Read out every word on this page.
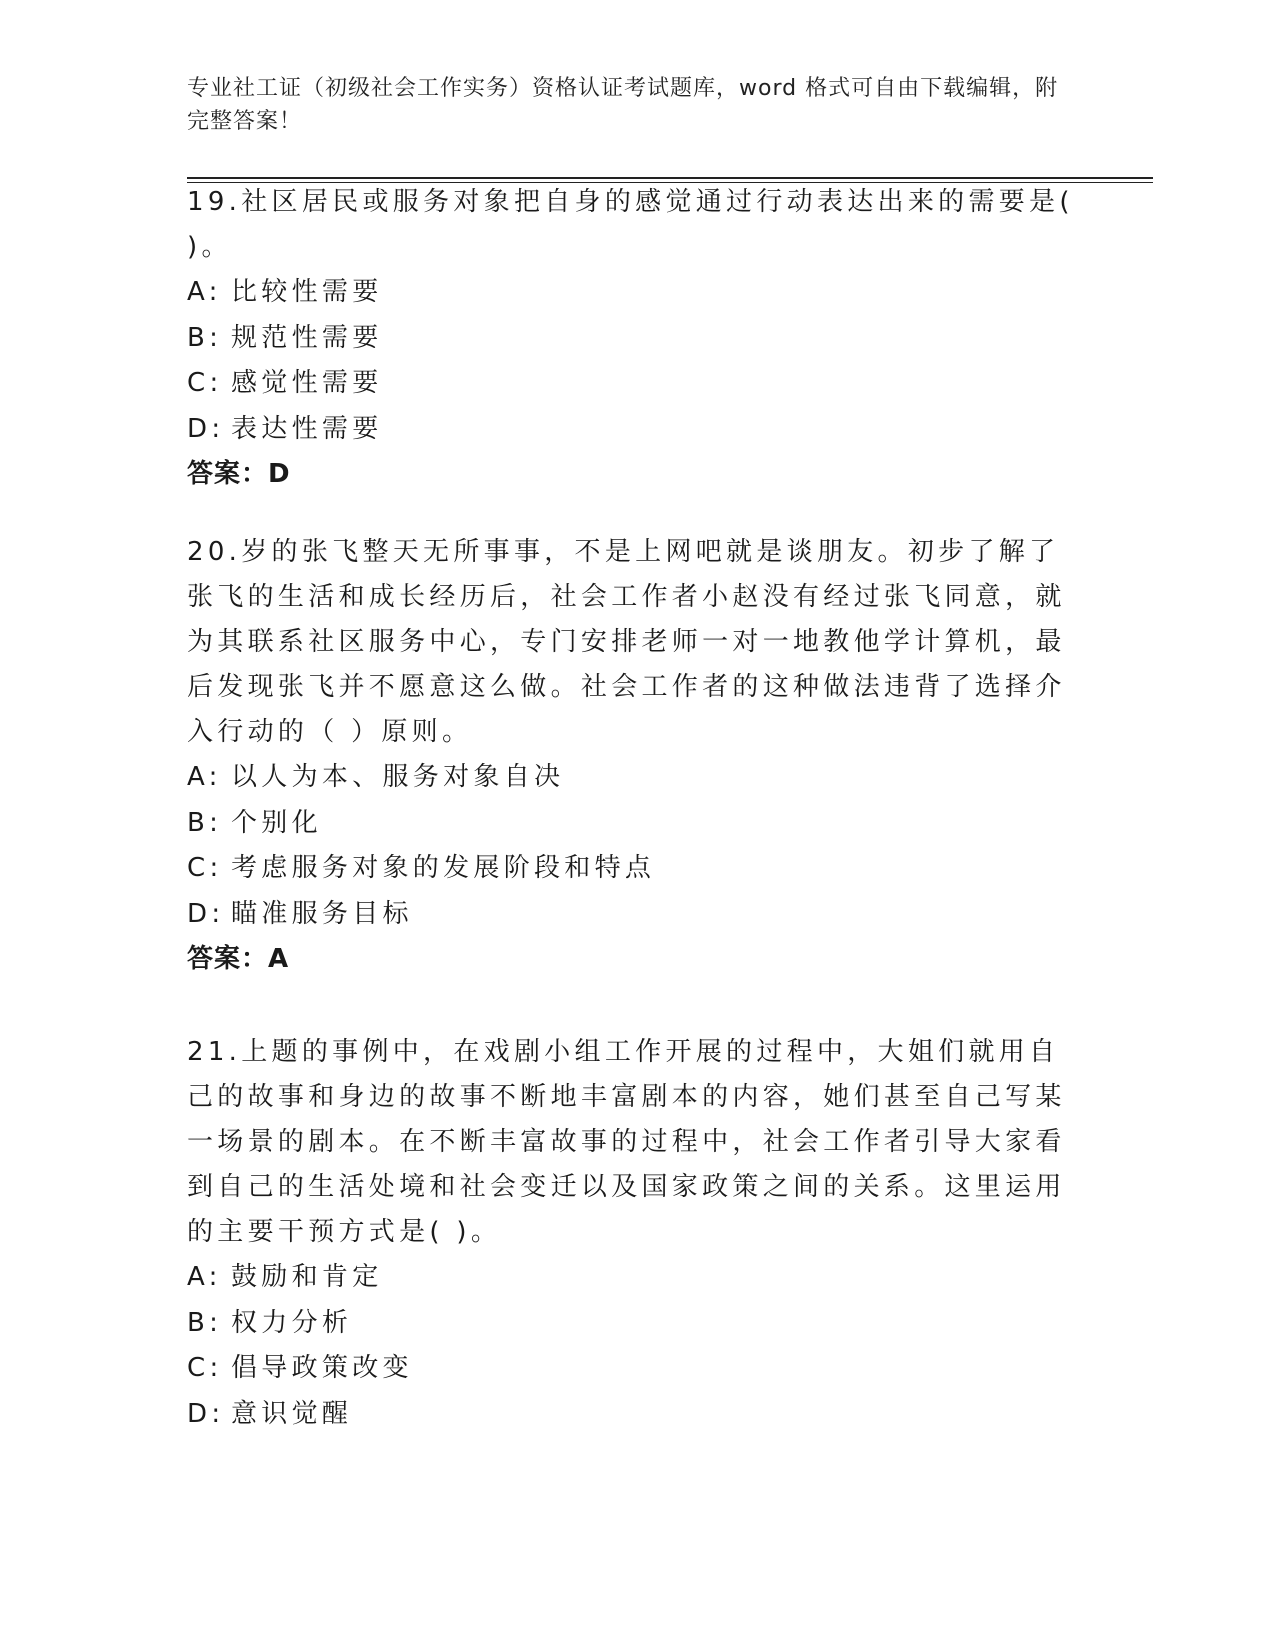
专业社工证（初级社会工作实务）资格认证考试题库，word 格式可自由下载编辑，附完整答案！

19.社区居民或服务对象把自身的感觉通过行动表达出来的需要是( )。

A: 比较性需要
B: 规范性需要
C: 感觉性需要
D: 表达性需要

答案：D

20.岁的张飞整天无所事事，不是上网吧就是谈朋友。初步了解了张飞的生活和成长经历后，社会工作者小赵没有经过张飞同意，就为其联系社区服务中心，专门安排老师一对一地教他学计算机，最后发现张飞并不愿意这么做。社会工作者的这种做法违背了选择介入行动的（ ）原则。

A: 以人为本、服务对象自决
B: 个别化
C: 考虑服务对象的发展阶段和特点
D: 瞄准服务目标

答案：A

21.上题的事例中，在戏剧小组工作开展的过程中，大姐们就用自己的故事和身边的故事不断地丰富剧本的内容，她们甚至自己写某一场景的剧本。在不断丰富故事的过程中，社会工作者引导大家看到自己的生活处境和社会变迁以及国家政策之间的关系。这里运用的主要干预方式是( )。

A: 鼓励和肯定
B: 权力分析
C: 倡导政策改变
D: 意识觉醒
